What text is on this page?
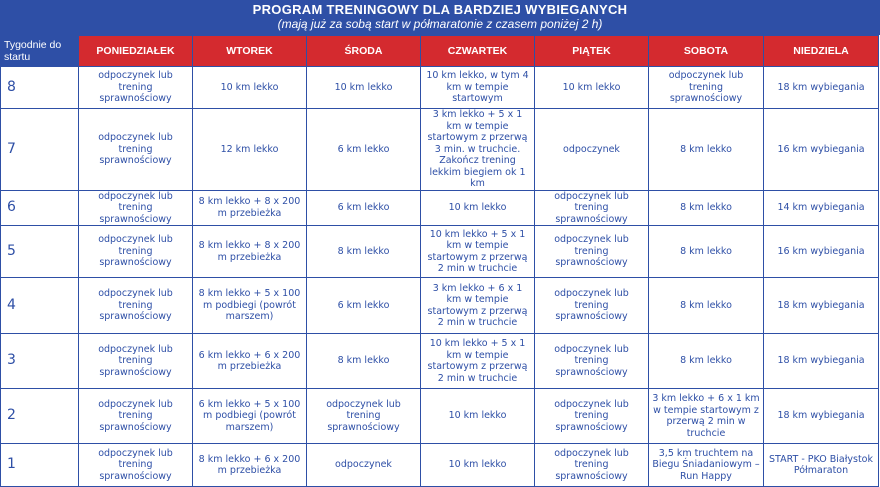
PROGRAM TRENINGOWY DLA BARDZIEJ WYBIEGANYCH
(mają już za sobą start w półmaratonie z czasem poniżej 2 h)
Tygodnie do startu	PONIEDZIAŁEK	WTOREK	ŚRODA	CZWARTEK	PIĄTEK	SOBOTA	NIEDZIELA
8	odpoczynek lub trening sprawnościowy	10 km lekko	10 km lekko	10 km lekko, w tym 4 km w tempie startowym	10 km lekko	odpoczynek lub trening sprawnościowy	18 km wybiegania
7	odpoczynek lub trening sprawnościowy	12 km lekko	6 km lekko	3 km lekko + 5 x 1 km w tempie startowym z przerwą 3 min. w truchcie. Zakończ trening lekkim biegiem ok 1 km	odpoczynek	8 km lekko	16 km wybiegania
6	odpoczynek lub trening sprawnościowy	8 km lekko + 8 x 200 m przebieżka	6 km lekko	10 km lekko	odpoczynek lub trening sprawnościowy	8 km lekko	14 km wybiegania
5	odpoczynek lub trening sprawnościowy	8 km lekko + 8 x 200 m przebieżka	8 km lekko	10 km lekko + 5 x 1 km w tempie startowym z przerwą 2 min w truchcie	odpoczynek lub trening sprawnościowy	8 km lekko	16 km wybiegania
4	odpoczynek lub trening sprawnościowy	8 km lekko + 5 x 100 m podbiegi (powrót marszem)	6 km lekko	3 km lekko + 6 x 1 km w tempie startowym z przerwą 2 min w truchcie	odpoczynek lub trening sprawnościowy	8 km lekko	18 km wybiegania
3	odpoczynek lub trening sprawnościowy	6 km lekko + 6 x 200 m przebieżka	8 km lekko	10 km lekko + 5 x 1 km w tempie startowym z przerwą 2 min w truchcie	odpoczynek lub trening sprawnościowy	8 km lekko	18 km wybiegania
2	odpoczynek lub trening sprawnościowy	6 km lekko + 5 x 100 m podbiegi (powrót marszem)	odpoczynek lub trening sprawnościowy	10 km lekko	odpoczynek lub trening sprawnościowy	3 km lekko + 6 x 1 km w tempie startowym z przerwą 2 min w truchcie	18 km wybiegania
1	odpoczynek lub trening sprawnościowy	8 km lekko + 6 x 200 m przebieżka	odpoczynek	10 km lekko	odpoczynek lub trening sprawnościowy	3,5 km truchtem na Biegu Śniadaniowym – Run Happy	START - PKO Białystok Półmaraton
